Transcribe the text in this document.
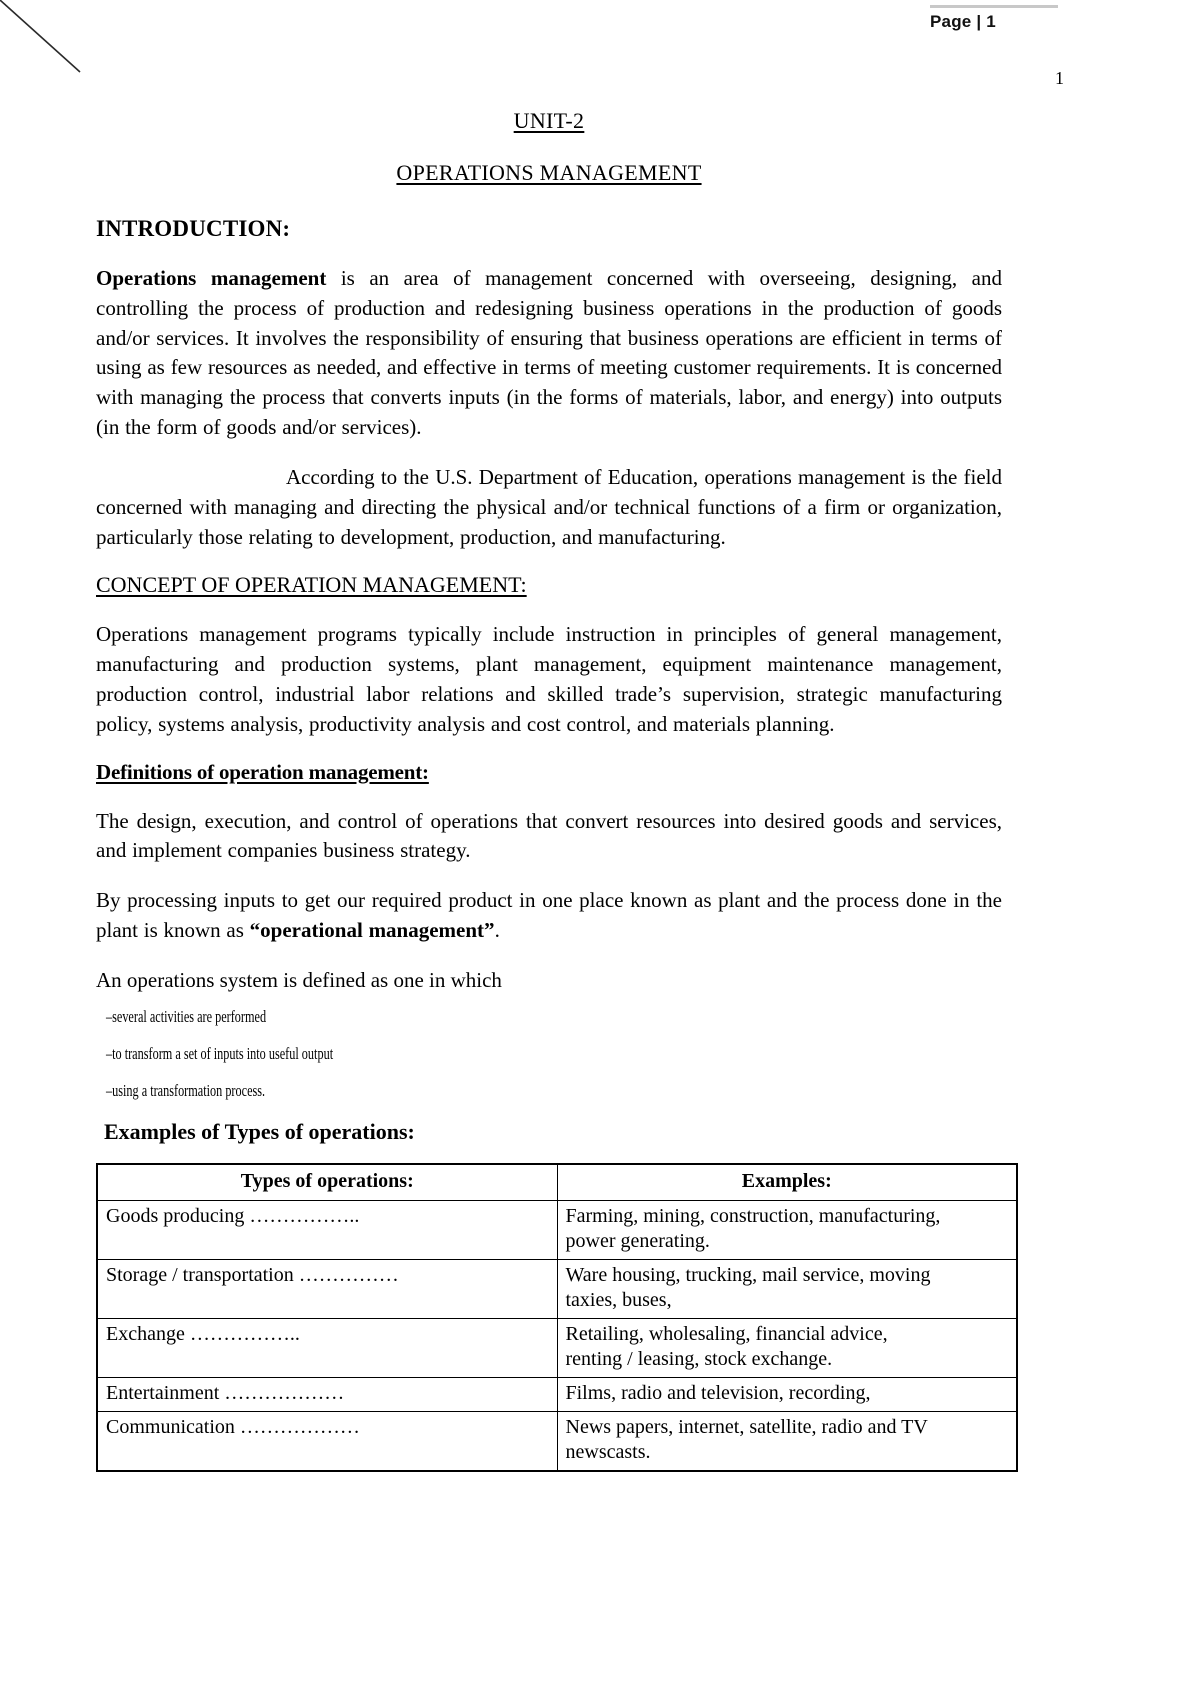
Page | 1
1
UNIT-2
OPERATIONS MANAGEMENT
INTRODUCTION:

Operations management is an area of management concerned with overseeing, designing, and controlling the process of production and redesigning business operations in the production of goods and/or services. It involves the responsibility of ensuring that business operations are efficient in terms of using as few resources as needed, and effective in terms of meeting customer requirements. It is concerned with managing the process that converts inputs (in the forms of materials, labor, and energy) into outputs (in the form of goods and/or services).

According to the U.S. Department of Education, operations management is the field concerned with managing and directing the physical and/or technical functions of a firm or organization, particularly those relating to development, production, and manufacturing.

CONCEPT OF OPERATION MANAGEMENT:

Operations management programs typically include instruction in principles of general management, manufacturing and production systems, plant management, equipment maintenance management, production control, industrial labor relations and skilled trade’s supervision, strategic manufacturing policy, systems analysis, productivity analysis and cost control, and materials planning.

Definitions of operation management:

The design, execution, and control of operations that convert resources into desired goods and services, and implement companies business strategy.

By processing inputs to get our required product in one place known as plant and the process done in the plant is known as “operational management”.

An operations system is defined as one in which

–several activities are performed
–to transform a set of inputs into useful output
–using a transformation process.
Examples of Types of operations:
Types of operations:	Examples:
Goods producing ……………..	Farming, mining, construction, manufacturing,
power generating.

Storage / transportation ……………	Ware housing, trucking, mail service, moving
taxies, buses,

Exchange ……………..	Retailing, wholesaling, financial advice,
renting / leasing, stock exchange.

Entertainment ………………	Films, radio and television, recording,

Communication ………………	News papers, internet, satellite, radio and TV
newscasts.
